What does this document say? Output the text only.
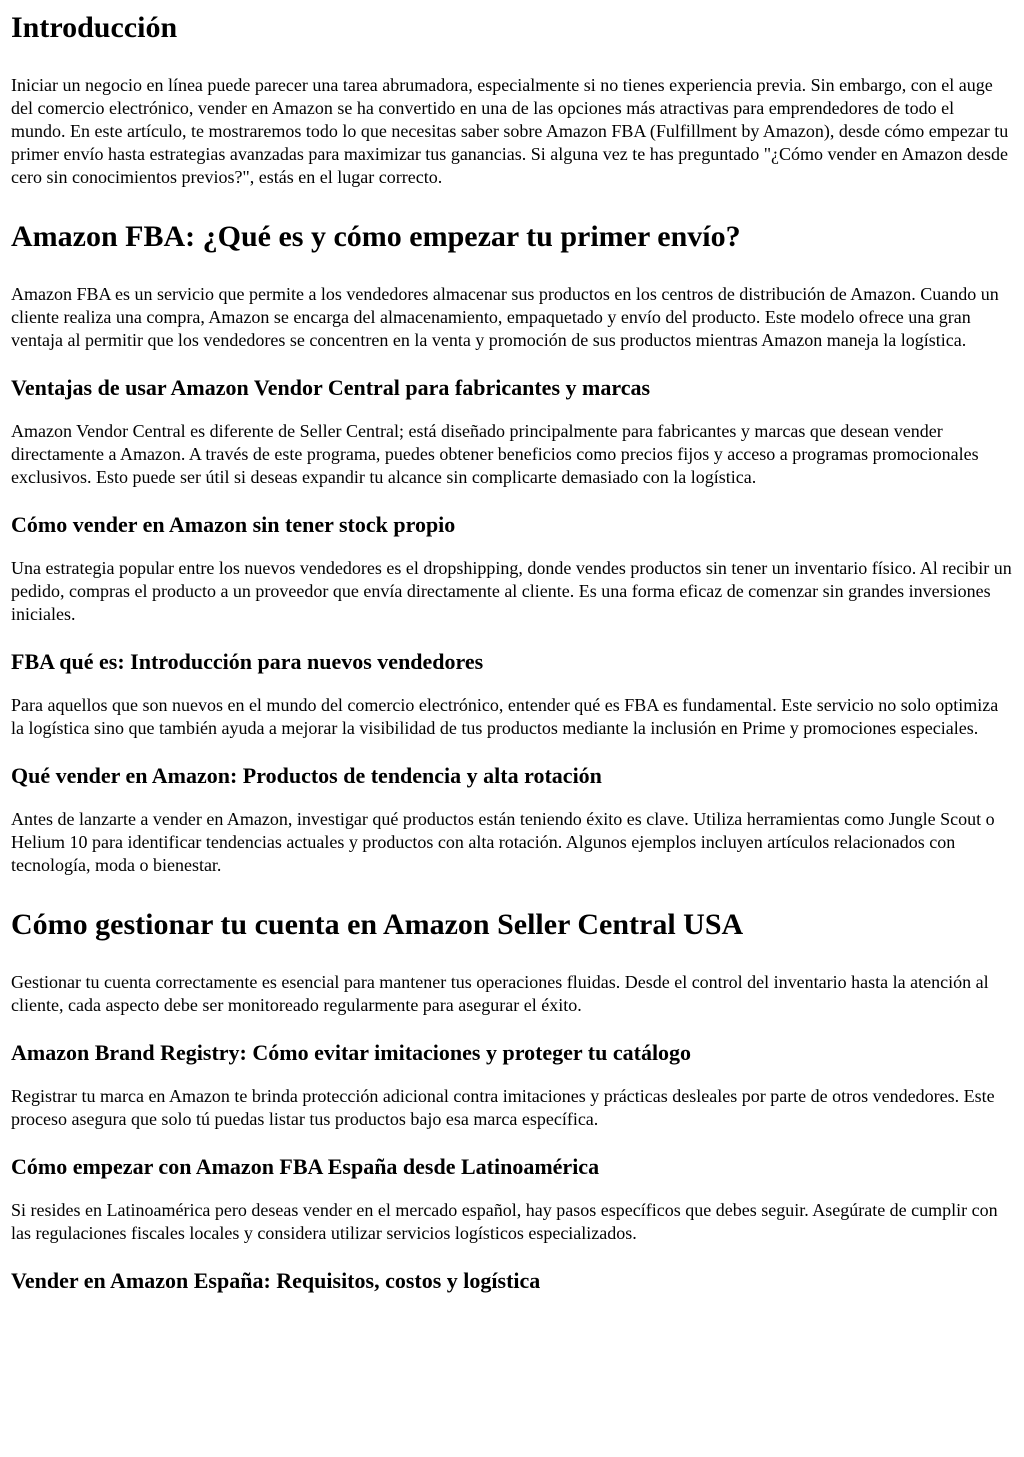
Introducción

Iniciar un negocio en línea puede parecer una tarea abrumadora, especialmente si no tienes experiencia previa. Sin embargo, con el auge del comercio electrónico, vender en Amazon se ha convertido en una de las opciones más atractivas para emprendedores de todo el mundo. En este artículo, te mostraremos todo lo que necesitas saber sobre Amazon FBA (Fulfillment by Amazon), desde cómo empezar tu primer envío hasta estrategias avanzadas para maximizar tus ganancias. Si alguna vez te has preguntado "¿Cómo vender en Amazon desde cero sin conocimientos previos?", estás en el lugar correcto.

Amazon FBA: ¿Qué es y cómo empezar tu primer envío?

Amazon FBA es un servicio que permite a los vendedores almacenar sus productos en los centros de distribución de Amazon. Cuando un cliente realiza una compra, Amazon se encarga del almacenamiento, empaquetado y envío del producto. Este modelo ofrece una gran ventaja al permitir que los vendedores se concentren en la venta y promoción de sus productos mientras Amazon maneja la logística.

Ventajas de usar Amazon Vendor Central para fabricantes y marcas

Amazon Vendor Central es diferente de Seller Central; está diseñado principalmente para fabricantes y marcas que desean vender directamente a Amazon. A través de este programa, puedes obtener beneficios como precios fijos y acceso a programas promocionales exclusivos. Esto puede ser útil si deseas expandir tu alcance sin complicarte demasiado con la logística.

Cómo vender en Amazon sin tener stock propio

Una estrategia popular entre los nuevos vendedores es el dropshipping, donde vendes productos sin tener un inventario físico. Al recibir un pedido, compras el producto a un proveedor que envía directamente al cliente. Es una forma eficaz de comenzar sin grandes inversiones iniciales.

FBA qué es: Introducción para nuevos vendedores

Para aquellos que son nuevos en el mundo del comercio electrónico, entender qué es FBA es fundamental. Este servicio no solo optimiza la logística sino que también ayuda a mejorar la visibilidad de tus productos mediante la inclusión en Prime y promociones especiales.

Qué vender en Amazon: Productos de tendencia y alta rotación

Antes de lanzarte a vender en Amazon, investigar qué productos están teniendo éxito es clave. Utiliza herramientas como Jungle Scout o Helium 10 para identificar tendencias actuales y productos con alta rotación. Algunos ejemplos incluyen artículos relacionados con tecnología, moda o bienestar.

Cómo gestionar tu cuenta en Amazon Seller Central USA

Gestionar tu cuenta correctamente es esencial para mantener tus operaciones fluidas. Desde el control del inventario hasta la atención al cliente, cada aspecto debe ser monitoreado regularmente para asegurar el éxito.

Amazon Brand Registry: Cómo evitar imitaciones y proteger tu catálogo

Registrar tu marca en Amazon te brinda protección adicional contra imitaciones y prácticas desleales por parte de otros vendedores. Este proceso asegura que solo tú puedas listar tus productos bajo esa marca específica.

Cómo empezar con Amazon FBA España desde Latinoamérica

Si resides en Latinoamérica pero deseas vender en el mercado español, hay pasos específicos que debes seguir. Asegúrate de cumplir con las regulaciones fiscales locales y considera utilizar servicios logísticos especializados.

Vender en Amazon España: Requisitos, costos y logística
